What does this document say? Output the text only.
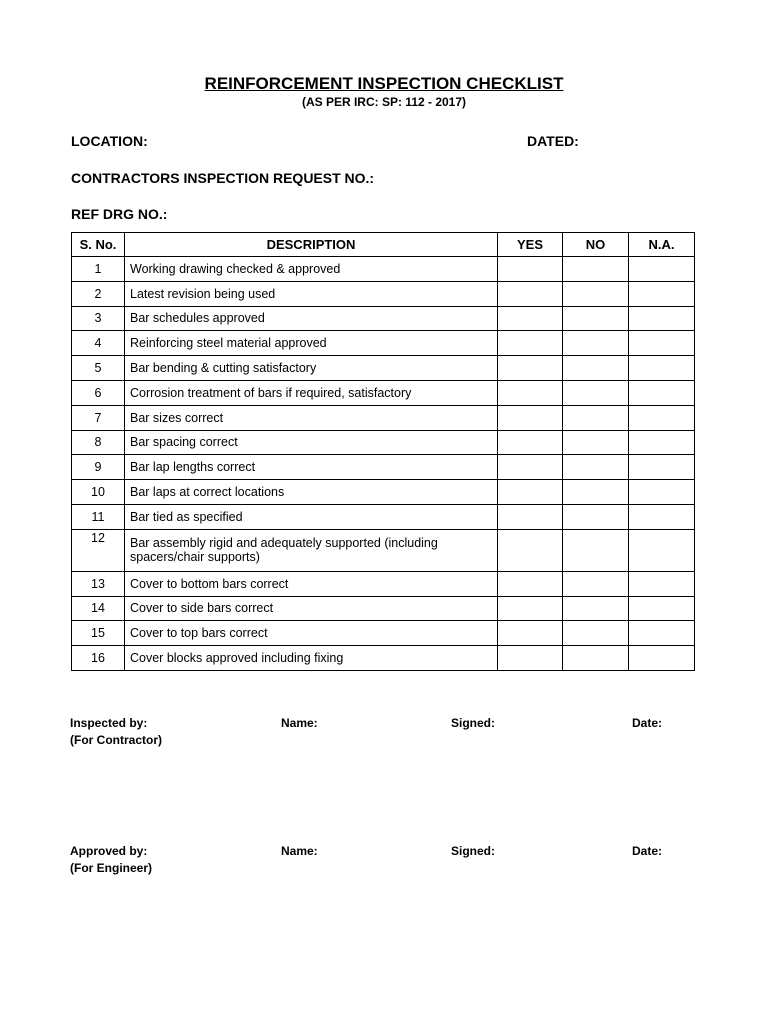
REINFORCEMENT INSPECTION CHECKLIST
(AS PER IRC: SP: 112 - 2017)
LOCATION:	DATED:
CONTRACTORS INSPECTION REQUEST NO.:
REF DRG NO.:
S. No.	DESCRIPTION	YES	NO	N.A.
1	Working drawing checked & approved			
2	Latest revision being used			
3	Bar schedules approved			
4	Reinforcing steel material approved			
5	Bar bending & cutting satisfactory			
6	Corrosion treatment of bars if required, satisfactory			
7	Bar sizes correct			
8	Bar spacing correct			
9	Bar lap lengths correct			
10	Bar laps at correct locations			
11	Bar tied as specified			
12	Bar assembly rigid and adequately supported (including spacers/chair supports)			
13	Cover to bottom bars correct			
14	Cover to side bars correct			
15	Cover to top bars correct			
16	Cover blocks approved including fixing			
Inspected by:
(For Contractor)
Name:	Signed:	Date:
Approved by:
(For Engineer)
Name:	Signed:	Date:
